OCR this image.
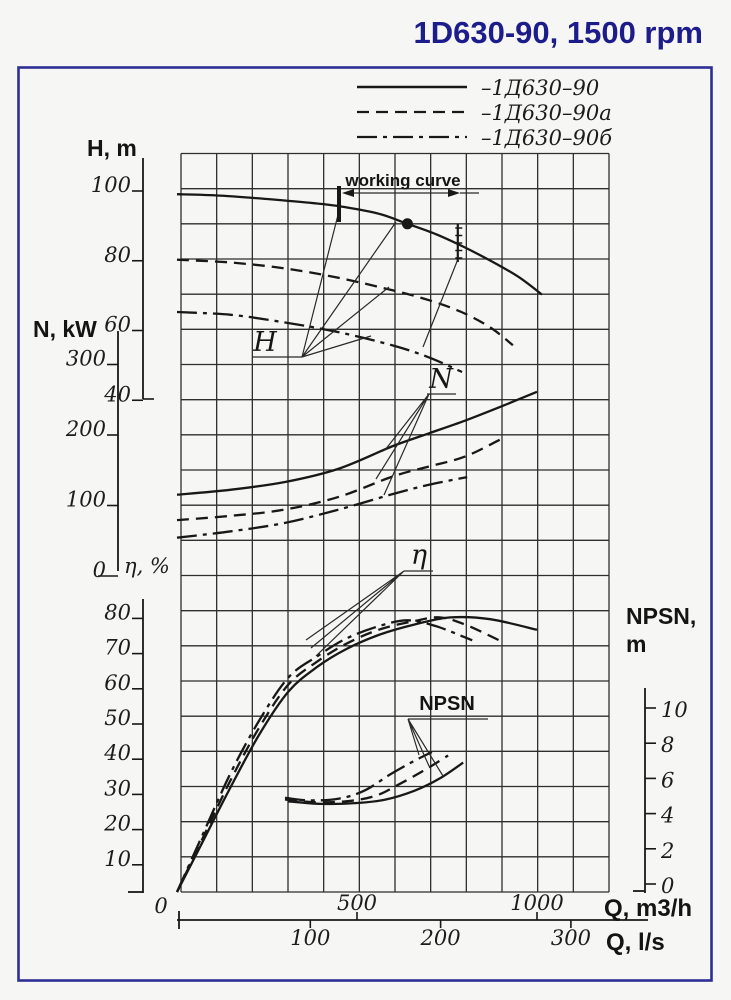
1D630-90, 1500 rpm
–1Д630–90
–1Д630–90а
–1Д630–90б
100
80
60
40
300
200
100
0
80
70
60
50
40
30
20
10
10
8
6
4
2
0
500	1000
100	200	300
H, m
N, kW
η, %
NPSN,
m
Q, m3/h
Q, l/s
0
working curve
H
N
η
NPSN
